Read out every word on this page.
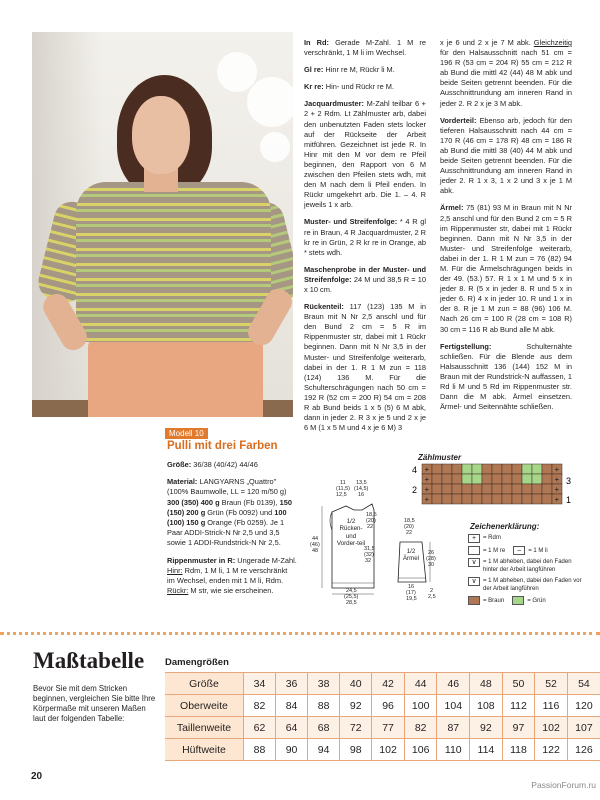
Modell 10
Pulli mit drei Farben

Größe: 36/38 (40/42) 44/46

Material: LANGYARNS „Quattro" (100% Baumwolle, LL = 120 m/50 g) 300 (350) 400 g Braun (Fb 0139), 150 (150) 200 g Grün (Fb 0092) und 100 (100) 150 g Orange (Fb 0259). Je 1 Paar ADDI-Strick-N Nr 2,5 und 3,5 sowie 1 ADDI-Rundstrick-N Nr 2,5.

Rippenmuster in R: Ungerade M-Zahl. Hinr: Rdm, 1 M li, 1 M re verschränkt im Wechsel, enden mit 1 M li, Rdm. Rückr: M str, wie sie erscheinen.

In Rd: Gerade M-Zahl. 1 M re verschränkt, 1 M li im Wechsel.

Gl re: Hinr re M, Rückr li M.

Kr re: Hin- und Rückr re M.

Jacquardmuster: M-Zahl teilbar 6 + 2 + 2 Rdm. Lt Zählmuster arb, dabei den unbenutzten Faden stets locker auf der Rückseite der Arbeit mitführen. Gezeichnet ist jede R. In Hinr mit den M vor dem re Pfeil beginnen, den Rapport von 6 M zwischen den Pfeilen stets wdh, mit den M nach dem li Pfeil enden. In Rückr umgekehrt arb. Die 1. – 4. R jeweils 1 x arb.

Muster- und Streifenfolge: * 4 R gl re in Braun, 4 R Jacquardmuster, 2 R kr re in Grün, 2 R kr re in Orange, ab * stets wdh.

Maschenprobe in der Muster- und Streifenfolge: 24 M und 38,5 R = 10 x 10 cm.

Rückenteil: 117 (123) 135 M in Braun mit N Nr 2,5 anschl und für den Bund 2 cm = 5 R im Rippenmuster str, dabei mit 1 Rückr beginnen. Dann mit N Nr 3,5 in der Muster- und Streifenfolge weiterarb, dabei in der 1. R 1 M zun = 118 (124) 136 M. Für die Schulterschrägungen nach 50 cm = 192 R (52 cm = 200 R) 54 cm = 208 R ab Bund beids 1 x 5 (5) 6 M abk, dann in jeder 2. R 3 x je 5 und 2 x je 6 M (1 x 5 M und 4 x je 6 M) 3

x je 6 und 2 x je 7 M abk. Gleichzeitig für den Halsausschnitt nach 51 cm = 196 R (53 cm = 204 R) 55 cm = 212 R ab Bund die mittl 42 (44) 48 M abk und beide Seiten getrennt beenden. Für die Ausschnittrundung am inneren Rand in jeder 2. R 2 x je 3 M abk.

Vorderteil: Ebenso arb, jedoch für den tieferen Halsausschnitt nach 44 cm = 170 R (46 cm = 178 R) 48 cm = 186 R ab Bund die mittl 38 (40) 44 M abk und beide Seiten getrennt beenden. Für die Ausschnittrundung am inneren Rand in jeder 2. R 1 x 3, 1 x 2 und 3 x je 1 M abk.

Ärmel: 75 (81) 93 M in Braun mit N Nr 2,5 anschl und für den Bund 2 cm = 5 R im Rippenmuster str, dabei mit 1 Rückr beginnen. Dann mit N Nr 3,5 in der Muster- und Streifenfolge weiterarb, dabei in der 1. R 1 M zun = 76 (82) 94 M. Für die Ärmelschrägungen beids in der 49. (53.) 57. R 1 x 1 M und 5 x in jeder 8. R (5 x in jeder 8. R und 5 x in jeder 6. R) 4 x in jeder 10. R und 1 x in der 8. R je 1 M zun = 88 (96) 106 M. Nach 26 cm = 100 R (28 cm = 108 R) 30 cm = 116 R ab Bund alle M abk.

Fertigstellung:	Schulternähte schließen. Für die Blende aus dem Halsausschnitt 136 (144) 152 M in Braun mit der Rundstrick-N auffassen, 1 Rd li M und 5 Rd im Rippenmuster str. Dann die M abk. Ärmel einsetzen. Ärmel- und Seitennähte schließen.

11
(11,5)
12,5
13,5
(14,5)
16
18,5
(20)
22
44
(46)
48
1/2 Rücken- und Vorder-teil
31,5
(32)
32
24,5
(25,5)
28,5
18,5
(20)
22
1/2 Ärmel
26
(28)
30
16
(17)
19,5
2
2,5
Zählmuster
+	+
+	+
+	+
+	+
4
2
3
1
Zeichenerklärung:
+	= Rdm
= 1 M re	–	= 1 M li
∨	= 1 M abheben, dabei den Faden hinter der Arbeit langführen
∨	= 1 M abheben, dabei den Faden vor der Arbeit langführen
= Braun	= Grün
Maßtabelle
Bevor Sie mit dem Stricken beginnen, vergleichen Sie bitte Ihre Körpermaße mit unseren Maßen laut der folgenden Tabelle:
Damengrößen
Größe	34	36	38	40	42	44	46	48	50	52	54
Oberweite	82	84	88	92	96	100	104	108	112	116	120
Taillenweite	62	64	68	72	77	82	87	92	97	102	107
Hüftweite	88	90	94	98	102	106	110	114	118	122	126
20
PassionForum.ru
